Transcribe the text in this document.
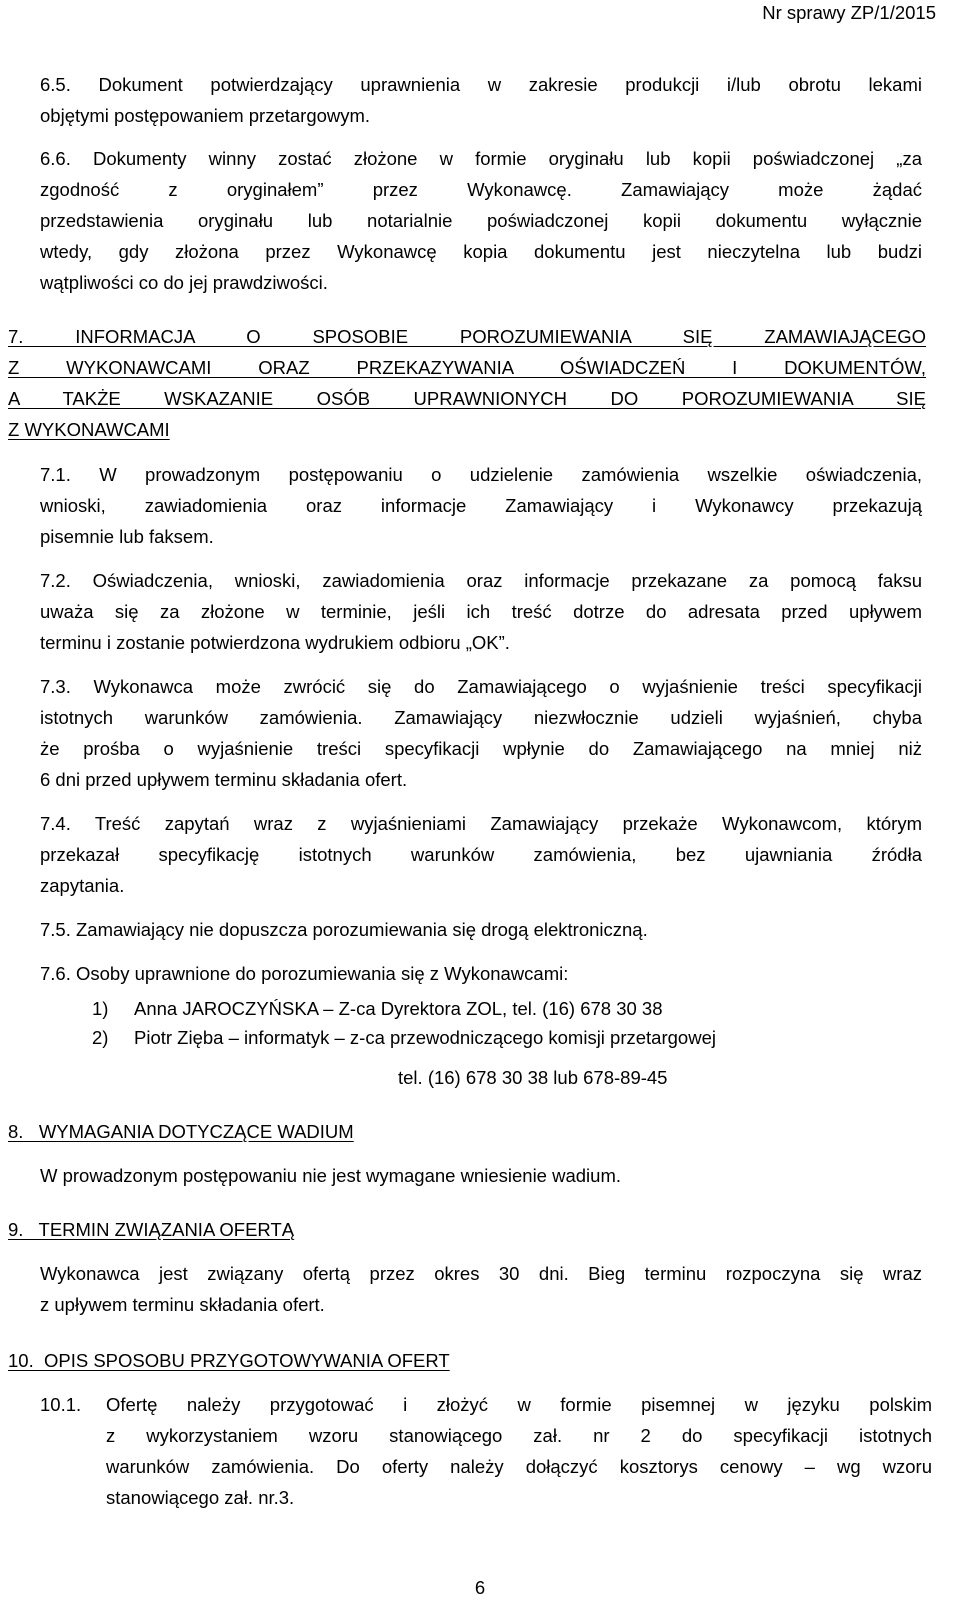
Nr sprawy ZP/1/2015
6.5. Dokument potwierdzający uprawnienia w zakresie produkcji i/lub obrotu lekami
objętymi postępowaniem przetargowym.
6.6. Dokumenty winny zostać złożone w formie oryginału lub kopii poświadczonej „za
zgodność z oryginałem” przez Wykonawcę. Zamawiający może żądać
przedstawienia oryginału lub notarialnie poświadczonej kopii dokumentu wyłącznie
wtedy, gdy złożona przez Wykonawcę kopia dokumentu jest nieczytelna lub budzi
wątpliwości co do jej prawdziwości.
7. INFORMACJA O SPOSOBIE POROZUMIEWANIA SIĘ ZAMAWIAJĄCEGO
Z WYKONAWCAMI ORAZ PRZEKAZYWANIA OŚWIADCZEŃ I DOKUMENTÓW,
A TAKŻE WSKAZANIE OSÓB UPRAWNIONYCH DO POROZUMIEWANIA SIĘ
Z WYKONAWCAMI
7.1. W prowadzonym postępowaniu o udzielenie zamówienia wszelkie oświadczenia,
wnioski, zawiadomienia oraz informacje Zamawiający i Wykonawcy przekazują
pisemnie lub faksem.
7.2. Oświadczenia, wnioski, zawiadomienia oraz informacje przekazane za pomocą faksu
uważa się za złożone w terminie, jeśli ich treść dotrze do adresata przed upływem
terminu i zostanie potwierdzona wydrukiem odbioru „OK”.
7.3. Wykonawca może zwrócić się do Zamawiającego o wyjaśnienie treści specyfikacji
istotnych warunków zamówienia. Zamawiający niezwłocznie udzieli wyjaśnień, chyba
że prośba o wyjaśnienie treści specyfikacji wpłynie do Zamawiającego na mniej niż
6 dni przed upływem terminu składania ofert.
7.4. Treść zapytań wraz z wyjaśnieniami Zamawiający przekaże Wykonawcom, którym
przekazał specyfikację istotnych warunków zamówienia, bez ujawniania źródła
zapytania.
7.5. Zamawiający nie dopuszcza porozumiewania się drogą elektroniczną.
7.6. Osoby uprawnione do porozumiewania się z Wykonawcami:
1) Anna JAROCZYŃSKA – Z-ca Dyrektora ZOL, tel. (16) 678 30 38
2) Piotr Zięba – informatyk – z-ca przewodniczącego komisji przetargowej
tel. (16) 678 30 38 lub 678-89-45
8.   WYMAGANIA DOTYCZĄCE WADIUM
W prowadzonym postępowaniu nie jest wymagane wniesienie wadium.
9.   TERMIN ZWIĄZANIA OFERTĄ
Wykonawca jest związany ofertą przez okres 30 dni. Bieg terminu rozpoczyna się wraz
z upływem terminu składania ofert.
10.  OPIS SPOSOBU PRZYGOTOWYWANIA OFERT
10.1. Ofertę należy przygotować i złożyć w formie pisemnej w języku polskim
z wykorzystaniem wzoru stanowiącego zał. nr 2 do specyfikacji istotnych
warunków zamówienia. Do oferty należy dołączyć kosztorys cenowy – wg wzoru
stanowiącego zał. nr.3.
6
